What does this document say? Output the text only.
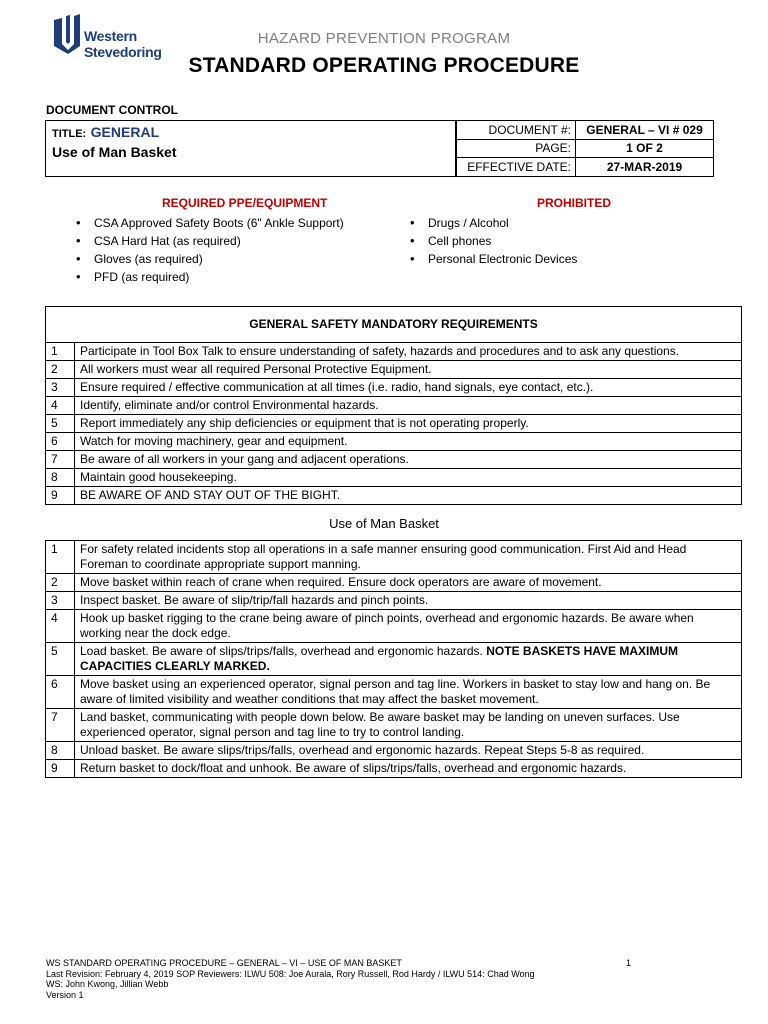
Western
Stevedoring
HAZARD PREVENTION PROGRAM
STANDARD OPERATING PROCEDURE
DOCUMENT CONTROL
TITLE: GENERAL
Use of Man Basket
DOCUMENT #:	GENERAL – VI # 029
PAGE:	1 OF 2
EFFECTIVE DATE:	27-MAR-2019
REQUIRED PPE/EQUIPMENT
• CSA Approved Safety Boots (6" Ankle Support)
• CSA Hard Hat (as required)
• Gloves (as required)
• PFD (as required)
PROHIBITED
• Drugs / Alcohol
• Cell phones
• Personal Electronic Devices
GENERAL SAFETY MANDATORY REQUIREMENTS	
1	Participate in Tool Box Talk to ensure understanding of safety, hazards and procedures and to ask any questions.
2	All workers must wear all required Personal Protective Equipment.
3	Ensure required / effective communication at all times (i.e. radio, hand signals, eye contact, etc.).
4	Identify, eliminate and/or control Environmental hazards.
5	Report immediately any ship deficiencies or equipment that is not operating properly.
6	Watch for moving machinery, gear and equipment.
7	Be aware of all workers in your gang and adjacent operations.
8	Maintain good housekeeping.
9	BE AWARE OF AND STAY OUT OF THE BIGHT.
Use of Man Basket
1	For safety related incidents stop all operations in a safe manner ensuring good communication. First Aid and Head Foreman to coordinate appropriate support manning.
2	Move basket within reach of crane when required. Ensure dock operators are aware of movement.
3	Inspect basket. Be aware of slip/trip/fall hazards and pinch points.
4	Hook up basket rigging to the crane being aware of pinch points, overhead and ergonomic hazards. Be aware when working near the dock edge.
5	Load basket. Be aware of slips/trips/falls, overhead and ergonomic hazards. NOTE BASKETS HAVE MAXIMUM CAPACITIES CLEARLY MARKED.
6	Move basket using an experienced operator, signal person and tag line. Workers in basket to stay low and hang on. Be aware of limited visibility and weather conditions that may affect the basket movement.
7	Land basket, communicating with people down below. Be aware basket may be landing on uneven surfaces. Use experienced operator, signal person and tag line to try to control landing.
8	Unload basket. Be aware slips/trips/falls, overhead and ergonomic hazards. Repeat Steps 5-8 as required.
9	Return basket to dock/float and unhook. Be aware of slips/trips/falls, overhead and ergonomic hazards.
WS STANDARD OPERATING PROCEDURE – GENERAL – VI – USE OF MAN BASKET
Last Revision: February 4, 2019 SOP Reviewers: ILWU 508: Joe Aurala, Rory Russell, Rod Hardy / ILWU 514: Chad Wong
WS: John Kwong, Jillian Webb
Version 1
1
